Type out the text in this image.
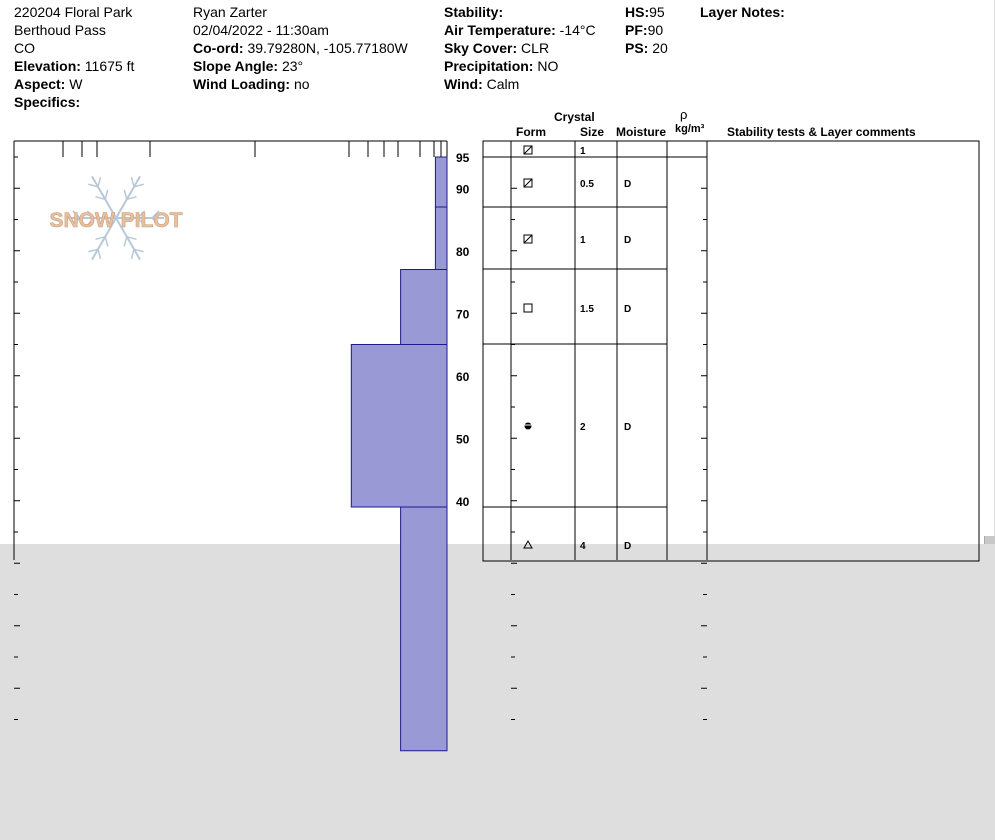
220204 Floral Park
Berthoud Pass
CO
Elevation: 11675 ft
Aspect: W
Specifics:
Ryan Zarter
02/04/2022 - 11:30am
Co-ord: 39.79280N, -105.77180W
Slope Angle: 23°
Wind Loading: no
Stability:
Air Temperature: -14°C
Sky Cover: CLR
Precipitation: NO
Wind: Calm
HS:95
PF:90
PS: 20
Layer Notes:
Crystal
Form	Size Moisture
ρ
kg/m³ Stability tests & Layer comments
SNOW PILOT
40
50
60
70
80
90
95	1
0.5	D
1	D
1.5	D
2	D
4	D
